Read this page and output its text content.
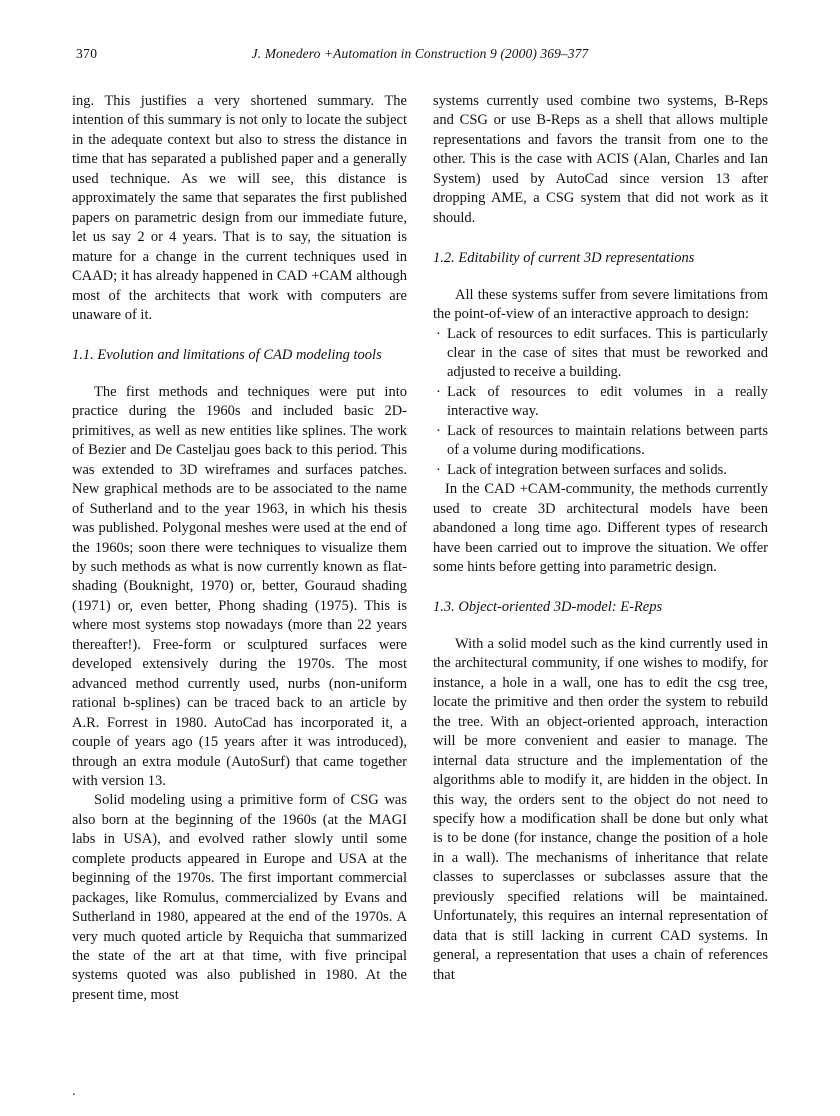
370	J. Monedero +Automation in Construction 9 (2000) 369–377

ing. This justifies a very shortened summary. The intention of this summary is not only to locate the subject in the adequate context but also to stress the distance in time that has separated a published paper and a generally used technique. As we will see, this distance is approximately the same that separates the first published papers on parametric design from our immediate future, let us say 2 or 4 years. That is to say, the situation is mature for a change in the current techniques used in CAAD; it has already happened in CAD +CAM although most of the architects that work with computers are unaware of it.

1.1. Evolution and limitations of CAD modeling tools

The first methods and techniques were put into practice during the 1960s and included basic 2D-primitives, as well as new entities like splines. The work of Bezier and De Casteljau goes back to this period. This was extended to 3D wireframes and surfaces patches. New graphical methods are to be associated to the name of Sutherland and to the year 1963, in which his thesis was published. Polygonal meshes were used at the end of the 1960s; soon there were techniques to visualize them by such methods as what is now currently known as flat-shading (Bouknight, 1970) or, better, Gouraud shading (1971) or, even better, Phong shading (1975). This is where most systems stop nowadays (more than 22 years thereafter!). Free-form or sculptured surfaces were developed extensively during the 1970s. The most advanced method currently used, nurbs (non-uniform rational b-splines) can be traced back to an article by A.R. Forrest in 1980. AutoCad has incorporated it, a couple of years ago (15 years after it was introduced), through an extra module (AutoSurf) that came together with version 13.

Solid modeling using a primitive form of CSG was also born at the beginning of the 1960s (at the MAGI labs in USA), and evolved rather slowly until some complete products appeared in Europe and USA at the beginning of the 1970s. The first important commercial packages, like Romulus, commercialized by Evans and Sutherland in 1980, appeared at the end of the 1970s. A very much quoted article by Requicha that summarized the state of the art at that time, with five principal systems quoted was also published in 1980. At the present time, most

systems currently used combine two systems, B-Reps and CSG or use B-Reps as a shell that allows multiple representations and favors the transit from one to the other. This is the case with ACIS (Alan, Charles and Ian System) used by AutoCad since version 13 after dropping AME, a CSG system that did not work as it should.

1.2. Editability of current 3D representations

All these systems suffer from severe limitations from the point-of-view of an interactive approach to design:

· Lack of resources to edit surfaces. This is particularly clear in the case of sites that must be reworked and adjusted to receive a building.
· Lack of resources to edit volumes in a really interactive way.
· Lack of resources to maintain relations between parts of a volume during modifications.
· Lack of integration between surfaces and solids.

In the CAD +CAM-community, the methods currently used to create 3D architectural models have been abandoned a long time ago. Different types of research have been carried out to improve the situation. We offer some hints before getting into parametric design.

1.3. Object-oriented 3D-model: E-Reps

With a solid model such as the kind currently used in the architectural community, if one wishes to modify, for instance, a hole in a wall, one has to edit the csg tree, locate the primitive and then order the system to rebuild the tree. With an object-oriented approach, interaction will be more convenient and easier to manage. The internal data structure and the implementation of the algorithms able to modify it, are hidden in the object. In this way, the orders sent to the object do not need to specify how a modification shall be done but only what is to be done (for instance, change the position of a hole in a wall). The mechanisms of inheritance that relate classes to superclasses or subclasses assure that the previously specified relations will be maintained. Unfortunately, this requires an internal representation of data that is still lacking in current CAD systems. In general, a representation that uses a chain of references that

.
